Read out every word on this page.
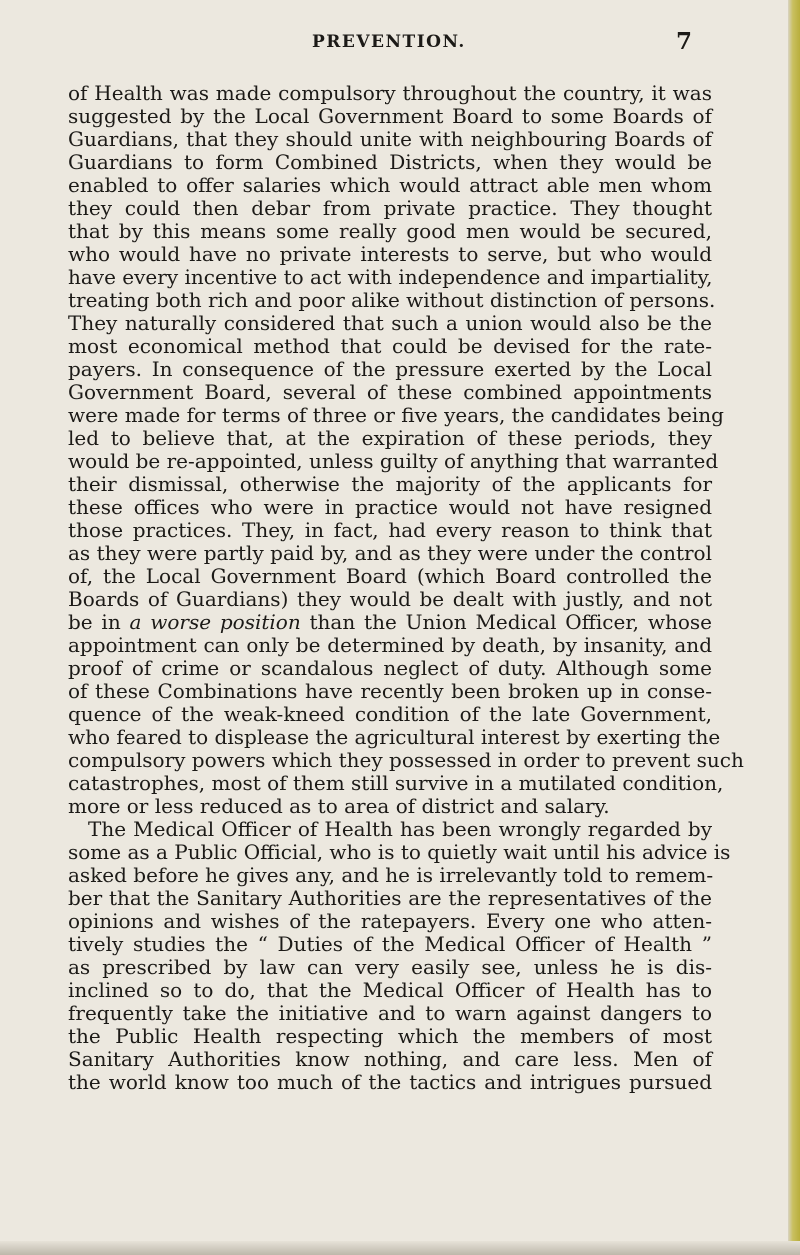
PREVENTION.	7
of Health was made compulsory throughout the country, it was
suggested by the Local Government Board to some Boards of
Guardians, that they should unite with neighbouring Boards of
Guardians to form Combined Districts, when they would be
enabled to offer salaries which would attract able men whom
they could then debar from private practice. They thought
that by this means some really good men would be secured,
who would have no private interests to serve, but who would
have every incentive to act with independence and impartiality,
treating both rich and poor alike without distinction of persons.
They naturally considered that such a union would also be the
most economical method that could be devised for the rate-
payers. In consequence of the pressure exerted by the Local
Government Board, several of these combined appointments
were made for terms of three or five years, the candidates being
led to believe that, at the expiration of these periods, they
would be re-appointed, unless guilty of anything that warranted
their dismissal, otherwise the majority of the applicants for
these offices who were in practice would not have resigned
those practices. They, in fact, had every reason to think that
as they were partly paid by, and as they were under the control
of, the Local Government Board (which Board controlled the
Boards of Guardians) they would be dealt with justly, and not
be in a worse position than the Union Medical Officer, whose
appointment can only be determined by death, by insanity, and
proof of crime or scandalous neglect of duty. Although some
of these Combinations have recently been broken up in conse-
quence of the weak-kneed condition of the late Government,
who feared to displease the agricultural interest by exerting the
compulsory powers which they possessed in order to prevent such
catastrophes, most of them still survive in a mutilated condition,
more or less reduced as to area of district and salary.
The Medical Officer of Health has been wrongly regarded by
some as a Public Official, who is to quietly wait until his advice is
asked before he gives any, and he is irrelevantly told to remem-
ber that the Sanitary Authorities are the representatives of the
opinions and wishes of the ratepayers. Every one who atten-
tively studies the “ Duties of the Medical Officer of Health ”
as prescribed by law can very easily see, unless he is dis-
inclined so to do, that the Medical Officer of Health has to
frequently take the initiative and to warn against dangers to
the Public Health respecting which the members of most
Sanitary Authorities know nothing, and care less. Men of
the world know too much of the tactics and intrigues pursued
